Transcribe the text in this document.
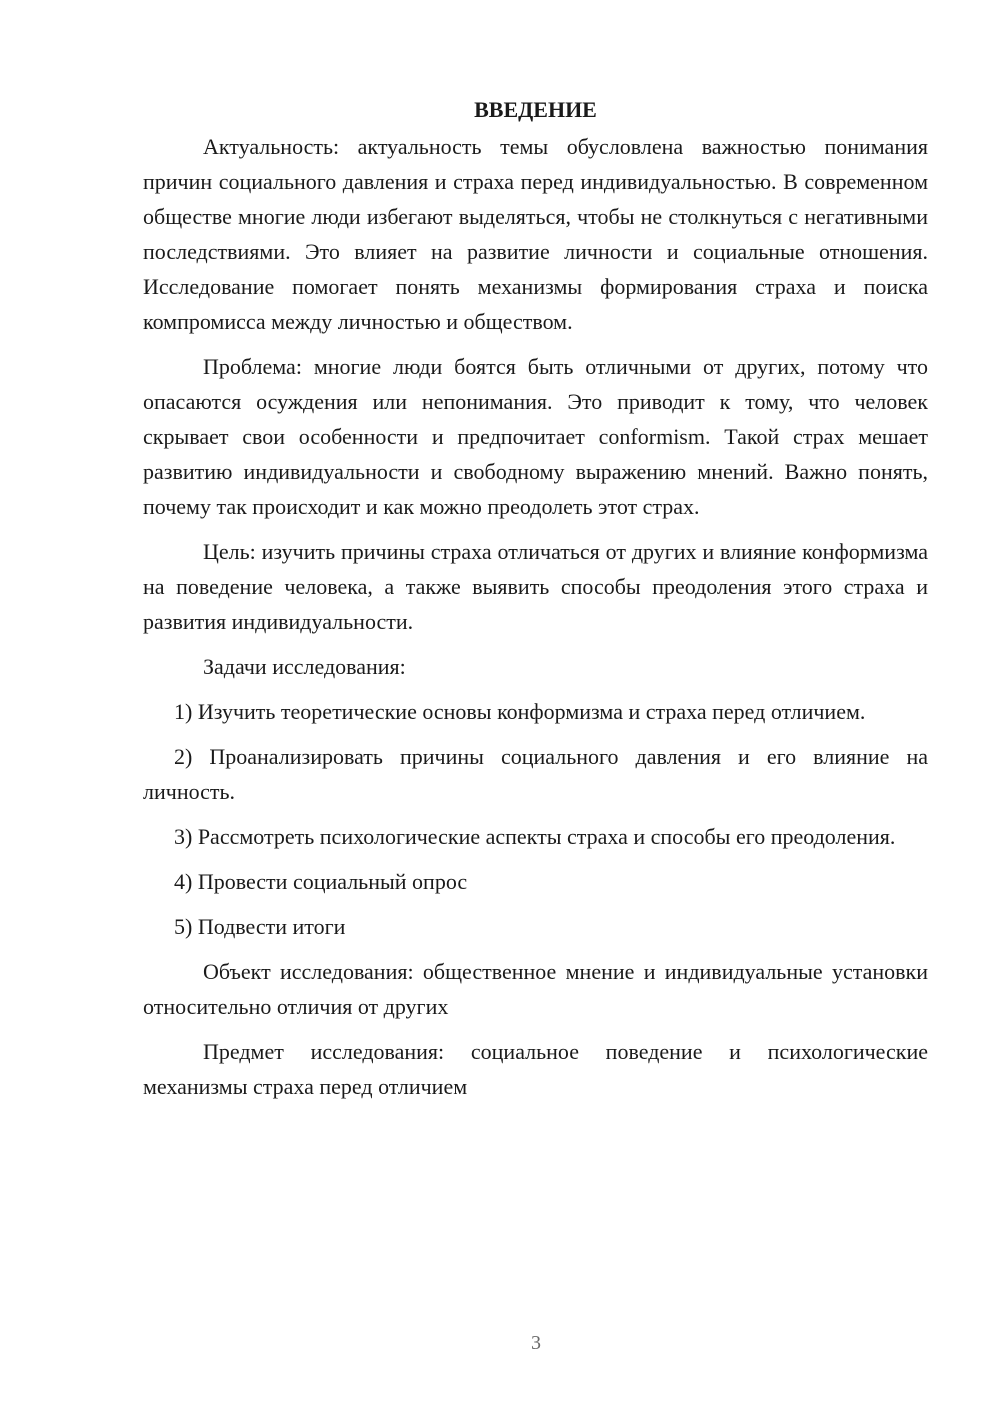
ВВЕДЕНИЕ

Актуальность: актуальность темы обусловлена важностью понимания причин социального давления и страха перед индивидуальностью. В современном обществе многие люди избегают выделяться, чтобы не столкнуться с негативными последствиями. Это влияет на развитие личности и социальные отношения. Исследование помогает понять механизмы формирования страха и поиска компромисса между личностью и обществом.

Проблема: многие люди боятся быть отличными от других, потому что опасаются осуждения или непонимания. Это приводит к тому, что человек скрывает свои особенности и предпочитает conformism. Такой страх мешает развитию индивидуальности и свободному выражению мнений. Важно понять, почему так происходит и как можно преодолеть этот страх.

Цель: изучить причины страха отличаться от других и влияние конформизма на поведение человека, а также выявить способы преодоления этого страха и развития индивидуальности.

Задачи исследования:

1) Изучить теоретические основы конформизма и страха перед отличием.

2) Проанализировать причины социального давления и его влияние на личность.

3) Рассмотреть психологические аспекты страха и способы его преодоления.

4) Провести социальный опрос

5) Подвести итоги

Объект исследования: общественное мнение и индивидуальные установки относительно отличия от других

Предмет исследования: социальное поведение и психологические механизмы страха перед отличием

3
